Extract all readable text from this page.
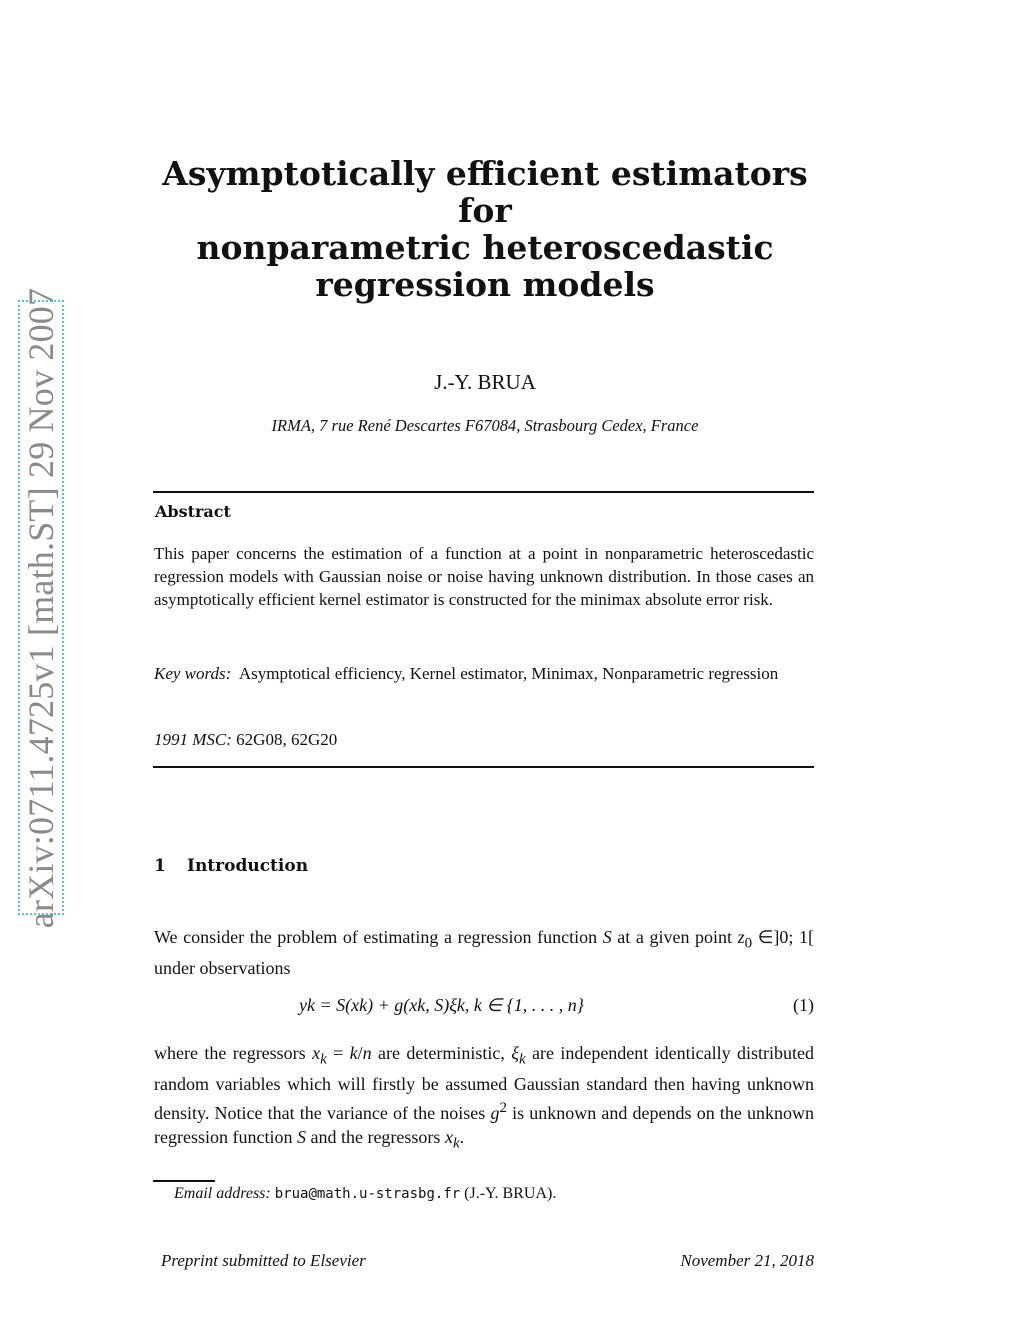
arXiv:0711.4725v1 [math.ST] 29 Nov 2007
Asymptotically efficient estimators for
nonparametric heteroscedastic
regression models
J.-Y. BRUA
IRMA, 7 rue René Descartes F67084, Strasbourg Cedex, France
Abstract
This paper concerns the estimation of a function at a point in nonparametric heteroscedastic regression models with Gaussian noise or noise having unknown distribution. In those cases an asymptotically efficient kernel estimator is constructed for the minimax absolute error risk.
Key words: Asymptotical efficiency, Kernel estimator, Minimax, Nonparametric regression
1991 MSC: 62G08, 62G20
1 Introduction
We consider the problem of estimating a regression function S at a given point $z_0$ ∈]0; 1[ under observations
yk = S(xk) + g(xk, S)ξk, k ∈ {1, . . . , n}	(1)
where the regressors $x_k = k/n$ are deterministic, $\xi_k$ are independent identically distributed random variables which will firstly be assumed Gaussian standard then having unknown density. Notice that the variance of the noises $g^2$ is unknown and depends on the unknown regression function S and the regressors $x_k$.
Email address: brua@math.u-strasbg.fr (J.-Y. BRUA).
Preprint submitted to Elsevier	November 21, 2018
